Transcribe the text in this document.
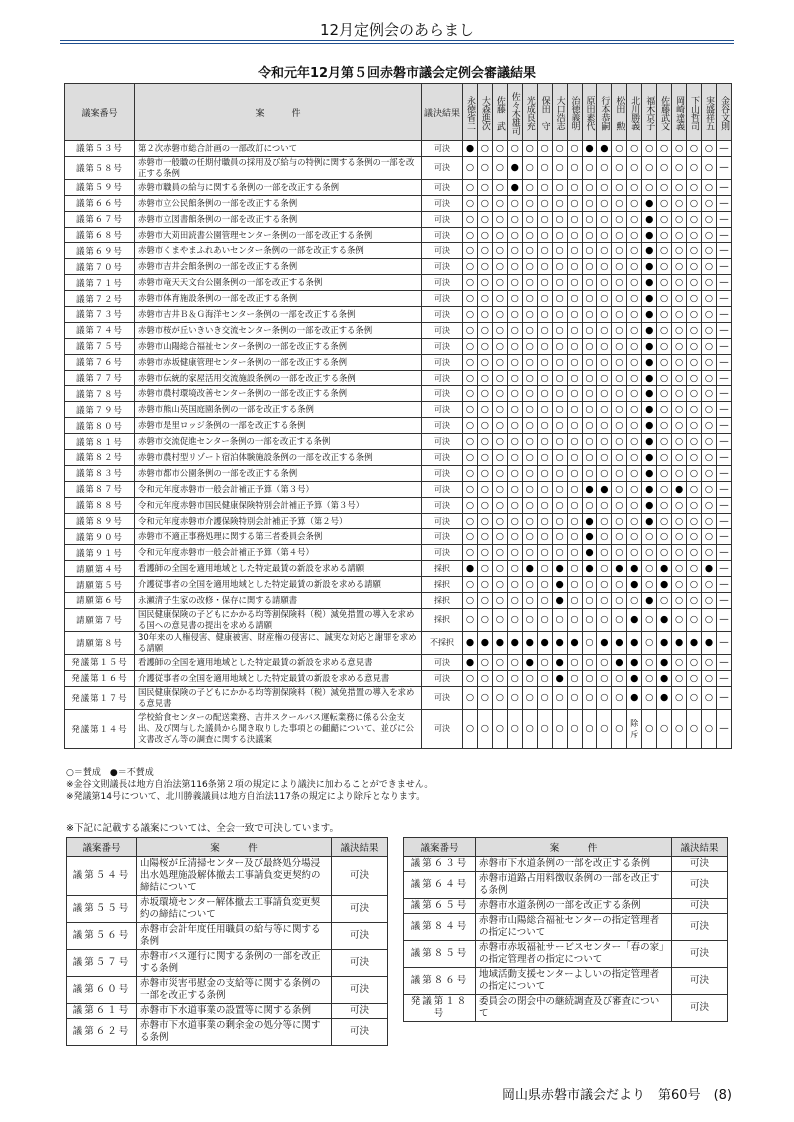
12月定例会のあらまし
令和元年12月第５回赤磐市議会定例会審議結果
議案番号	案　　　件	議決結果	永徳省二	大森進次	佐藤　武	佐々木雄司	光成良充	保田　守	大口浩志	治徳義明	原田素代	行本恭嗣	松田　勲	北川勝義	福木京子	佐藤武文	岡崎達義	下山哲司	実盛祥五	金谷文則
議第５３号	第２次赤磐市総合計画の一部改訂について	可決	●	○	○	○	○	○	○	○	●	●	○	○	○	○	○	○	○	—
議第５８号	赤磐市一般職の任期付職員の採用及び給与の特例に関する条例の一部を改正する条例	可決	○	○	○	●	○	○	○	○	○	○	○	○	○	○	○	○	○	—
議第５９号	赤磐市職員の給与に関する条例の一部を改正する条例	可決	○	○	○	●	○	○	○	○	○	○	○	○	○	○	○	○	○	—
議第６６号	赤磐市立公民館条例の一部を改正する条例	可決	○	○	○	○	○	○	○	○	○	○	○	○	●	○	○	○	○	—
議第６７号	赤磐市立図書館条例の一部を改正する条例	可決	○	○	○	○	○	○	○	○	○	○	○	○	●	○	○	○	○	—
議第６８号	赤磐市大苅田読書公園管理センター条例の一部を改正する条例	可決	○	○	○	○	○	○	○	○	○	○	○	○	●	○	○	○	○	—
議第６９号	赤磐市くまやまふれあいセンター条例の一部を改正する条例	可決	○	○	○	○	○	○	○	○	○	○	○	○	●	○	○	○	○	—
議第７０号	赤磐市吉井会館条例の一部を改正する条例	可決	○	○	○	○	○	○	○	○	○	○	○	○	●	○	○	○	○	—
議第７１号	赤磐市竜天天文台公園条例の一部を改正する条例	可決	○	○	○	○	○	○	○	○	○	○	○	○	●	○	○	○	○	—
議第７２号	赤磐市体育施設条例の一部を改正する条例	可決	○	○	○	○	○	○	○	○	○	○	○	○	●	○	○	○	○	—
議第７３号	赤磐市吉井Ｂ＆Ｇ海洋センター条例の一部を改正する条例	可決	○	○	○	○	○	○	○	○	○	○	○	○	●	○	○	○	○	—
議第７４号	赤磐市桜が丘いきいき交流センター条例の一部を改正する条例	可決	○	○	○	○	○	○	○	○	○	○	○	○	●	○	○	○	○	—
議第７５号	赤磐市山陽総合福祉センター条例の一部を改正する条例	可決	○	○	○	○	○	○	○	○	○	○	○	○	●	○	○	○	○	—
議第７６号	赤磐市赤坂健康管理センター条例の一部を改正する条例	可決	○	○	○	○	○	○	○	○	○	○	○	○	●	○	○	○	○	—
議第７７号	赤磐市伝統的家屋活用交流施設条例の一部を改正する条例	可決	○	○	○	○	○	○	○	○	○	○	○	○	●	○	○	○	○	—
議第７８号	赤磐市農村環境改善センター条例の一部を改正する条例	可決	○	○	○	○	○	○	○	○	○	○	○	○	●	○	○	○	○	—
議第７９号	赤磐市熊山英国庭園条例の一部を改正する条例	可決	○	○	○	○	○	○	○	○	○	○	○	○	●	○	○	○	○	—
議第８０号	赤磐市是里ロッジ条例の一部を改正する条例	可決	○	○	○	○	○	○	○	○	○	○	○	○	●	○	○	○	○	—
議第８１号	赤磐市交流促進センター条例の一部を改正する条例	可決	○	○	○	○	○	○	○	○	○	○	○	○	●	○	○	○	○	—
議第８２号	赤磐市農村型リゾート宿泊体験施設条例の一部を改正する条例	可決	○	○	○	○	○	○	○	○	○	○	○	○	●	○	○	○	○	—
議第８３号	赤磐市都市公園条例の一部を改正する条例	可決	○	○	○	○	○	○	○	○	○	○	○	○	●	○	○	○	○	—
議第８７号	令和元年度赤磐市一般会計補正予算（第３号）	可決	○	○	○	○	○	○	○	○	●	●	○	○	●	○	●	○	○	—
議第８８号	令和元年度赤磐市国民健康保険特別会計補正予算（第３号）	可決	○	○	○	○	○	○	○	○	○	○	○	○	●	○	○	○	○	—
議第８９号	令和元年度赤磐市介護保険特別会計補正予算（第２号）	可決	○	○	○	○	○	○	○	○	●	○	○	○	●	○	○	○	○	—
議第９０号	赤磐市不適正事務処理に関する第三者委員会条例	可決	○	○	○	○	○	○	○	○	●	○	○	○	○	○	○	○	○	—
議第９１号	令和元年度赤磐市一般会計補正予算（第４号）	可決	○	○	○	○	○	○	○	○	●	○	○	○	○	○	○	○	○	—
請願第４号	看護師の全国を適用地域とした特定最賃の新設を求める請願	採択	●	○	○	○	●	○	●	○	●	○	●	●	○	●	○	○	●	—
請願第５号	介護従事者の全国を適用地域とした特定最賃の新設を求める請願	採択	○	○	○	○	○	○	●	○	○	○	○	●	○	●	○	○	○	—
請願第６号	永瀬清子生家の改修・保存に関する請願書	採択	○	○	○	○	○	○	●	○	○	○	○	○	●	○	○	○	○	—
請願第７号	国民健康保険の子どもにかかる均等割保険料（税）減免措置の導入を求める国への意見書の提出を求める請願	採択	○	○	○	○	○	○	○	○	○	○	○	●	○	●	○	○	○	—
請願第８号	30年来の人権侵害、健康被害、財産権の侵害に、誠実な対応と謝罪を求める請願	不採択	●	●	●	●	●	●	●	●	○	●	●	●	○	●	●	●	●	—
発議第１５号	看護師の全国を適用地域とした特定最賃の新設を求める意見書	可決	●	○	○	○	●	○	●	○	○	○	●	●	○	●	○	○	○	—
発議第１６号	介護従事者の全国を適用地域とした特定最賃の新設を求める意見書	可決	○	○	○	○	○	○	●	○	○	○	○	●	○	●	○	○	○	—
発議第１７号	国民健康保険の子どもにかかる均等割保険料（税）減免措置の導入を求める意見書	可決	○	○	○	○	○	○	○	○	○	○	○	●	○	●	○	○	○	—
発議第１４号	学校給食センターの配送業務、吉井スクールバス運転業務に係る公金支出、及び関与した議員から聞き取りした事項との齟齬について、並びに公文書改ざん等の調査に関する決議案	可決	○	○	○	○	○	○	○	○	○	○	○	除斥	○	○	○	○	○	—
○＝賛成　●＝不賛成
※金谷文則議長は地方自治法第116条第２項の規定により議決に加わることができません。
※発議第14号について、北川勝義議員は地方自治法117条の規定により除斥となります。
※下記に記載する議案については、全会一致で可決しています。
議案番号	案　　　件	議決結果
議第５４号	山陽桜が丘清掃センター及び最終処分場浸出水処理施設解体撤去工事請負変更契約の締結について	可決
議第５５号	赤坂環境センター解体撤去工事請負変更契約の締結について	可決
議第５６号	赤磐市会計年度任用職員の給与等に関する条例	可決
議第５７号	赤磐市バス運行に関する条例の一部を改正する条例	可決
議第６０号	赤磐市災害弔慰金の支給等に関する条例の一部を改正する条例	可決
議第６１号	赤磐市下水道事業の設置等に関する条例	可決
議第６２号	赤磐市下水道事業の剰余金の処分等に関する条例	可決
議案番号	案　　　件	議決結果
議第６３号	赤磐市下水道条例の一部を改正する条例	可決
議第６４号	赤磐市道路占用料徴収条例の一部を改正する条例	可決
議第６５号	赤磐市水道条例の一部を改正する条例	可決
議第８４号	赤磐市山陽総合福祉センターの指定管理者の指定について	可決
議第８５号	赤磐市赤坂福祉サービスセンター「春の家」の指定管理者の指定について	可決
議第８６号	地域活動支援センターよしいの指定管理者の指定について	可決
発議第１８号	委員会の閉会中の継続調査及び審査について	可決
岡山県赤磐市議会だより　第60号　(8)
